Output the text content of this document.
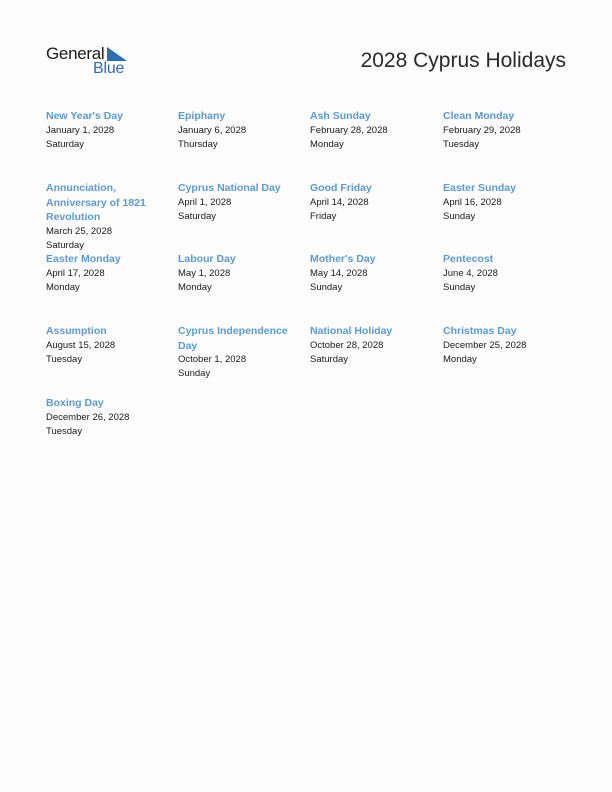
General
Blue	2028 Cyprus Holidays
New Year's Day
January 1, 2028
Saturday
Epiphany
January 6, 2028
Thursday
Ash Sunday
February 28, 2028
Monday
Clean Monday
February 29, 2028
Tuesday
Annunciation, Anniversary of 1821 Revolution
March 25, 2028
Saturday
Cyprus National Day
April 1, 2028
Saturday
Good Friday
April 14, 2028
Friday
Easter Sunday
April 16, 2028
Sunday
Easter Monday
April 17, 2028
Monday
Labour Day
May 1, 2028
Monday
Mother's Day
May 14, 2028
Sunday
Pentecost
June 4, 2028
Sunday
Assumption
August 15, 2028
Tuesday
Cyprus Independence Day
October 1, 2028
Sunday
National Holiday
October 28, 2028
Saturday
Christmas Day
December 25, 2028
Monday
Boxing Day
December 26, 2028
Tuesday
